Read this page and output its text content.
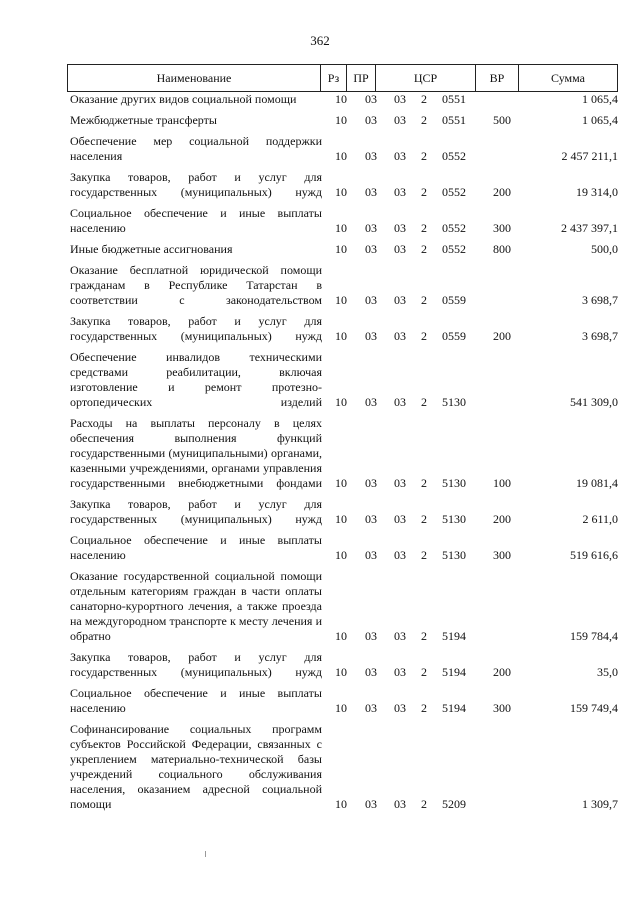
362
Наименование	Рз	ПР	ЦСР	ВР	Сумма
Оказание других видов социальной помощи	10 03 03 2 0551	1 065,4
Межбюджетные трансферты	10 03 03 2 0551 500	1 065,4
Обеспечение мер социальной поддержки населения	10 03 03 2 0552	2 457 211,1
Закупка товаров, работ и услуг для государственных (муниципальных) нужд 10 03 03 2 0552 200	19 314,0
Социальное обеспечение и иные выплаты населению	10 03 03 2 0552 300	2 437 397,1
Иные бюджетные ассигнования	10 03 03 2 0552 800	500,0
Оказание бесплатной юридической помощи гражданам в Республике Татарстан в соответствии с законодательством 10 03 03 2 0559	3 698,7
Закупка товаров, работ и услуг для государственных (муниципальных) нужд 10 03 03 2 0559 200	3 698,7
Обеспечение инвалидов техническими средствами реабилитации, включая изготовление и ремонт протезно-ортопедических изделий 10 03 03 2 5130	541 309,0
Расходы на выплаты персоналу в целях обеспечения выполнения функций государственными (муниципальными) органами, казенными учреждениями, органами управления государственными внебюджетными фондами 10 03 03 2 5130 100	19 081,4
Закупка товаров, работ и услуг для государственных (муниципальных) нужд 10 03 03 2 5130 200	2 611,0
Социальное обеспечение и иные выплаты населению	10 03 03 2 5130 300	519 616,6
Оказание государственной социальной помощи отдельным категориям граждан в части оплаты санаторно-курортного лечения, а также проезда на междугородном транспорте к месту лечения и обратно	10 03 03 2 5194	159 784,4
Закупка товаров, работ и услуг для государственных (муниципальных) нужд 10 03 03 2 5194 200	35,0
Социальное обеспечение и иные выплаты населению	10 03 03 2 5194 300	159 749,4
Софинансирование социальных программ субъектов Российской Федерации, связанных с укреплением материально-технической базы учреждений социального обслуживания населения, оказанием адресной социальной помощи	10 03 03 2 5209	1 309,7
